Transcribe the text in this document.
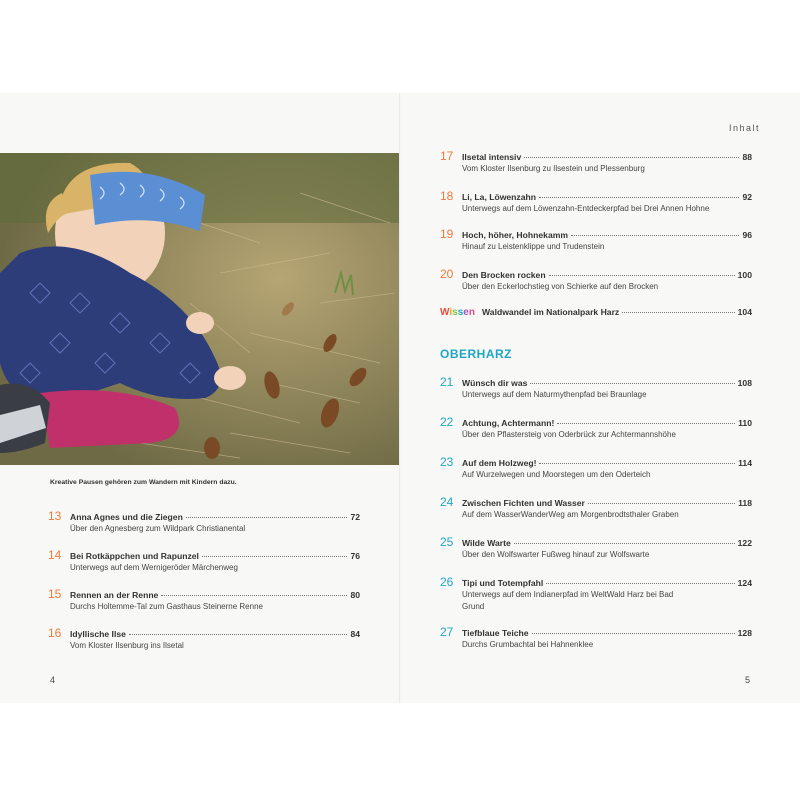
Inhalt
Kreative Pausen gehören zum Wandern mit Kindern dazu.
13	Anna Agnes und die Ziegen	72
Über den Agnesberg zum Wildpark Christianental
14	Bei Rotkäppchen und Rapunzel	76
Unterwegs auf dem Wernigeröder Märchenweg
15	Rennen an der Renne	80
Durchs Holtemme-Tal zum Gasthaus Steinerne Renne
16	Idyllische Ilse	84
Vom Kloster Ilsenburg ins Ilsetal
17	Ilsetal intensiv	88
Vom Kloster Ilsenburg zu Ilsestein und Plessenburg
18	Li, La, Löwenzahn	92
Unterwegs auf dem Löwenzahn-Entdeckerpfad bei Drei Annen Hohne
19	Hoch, höher, Hohnekamm	96
Hinauf zu Leistenklippe und Trudenstein
20	Den Brocken rocken	100
Über den Eckerlochstieg von Schierke auf den Brocken
Wissen Waldwandel im Nationalpark Harz	104
OBERHARZ
21	Wünsch dir was	108
Unterwegs auf dem Naturmythenpfad bei Braunlage
22	Achtung, Achtermann!	110
Über den Pflastersteig von Oderbrück zur Achtermannshöhe
23	Auf dem Holzweg!	114
Auf Wurzelwegen und Moorstegen um den Oderteich
24	Zwischen Fichten und Wasser	118
Auf dem WasserWanderWeg am Morgenbrodtsthaler Graben
25	Wilde Warte	122
Über den Wolfswarter Fußweg hinauf zur Wolfswarte
26	Tipi und Totempfahl	124
Unterwegs auf dem Indianerpfad im WeltWald Harz bei Bad Grund
27	Tiefblaue Teiche	128
Durchs Grumbachtal bei Hahnenklee
4	5
